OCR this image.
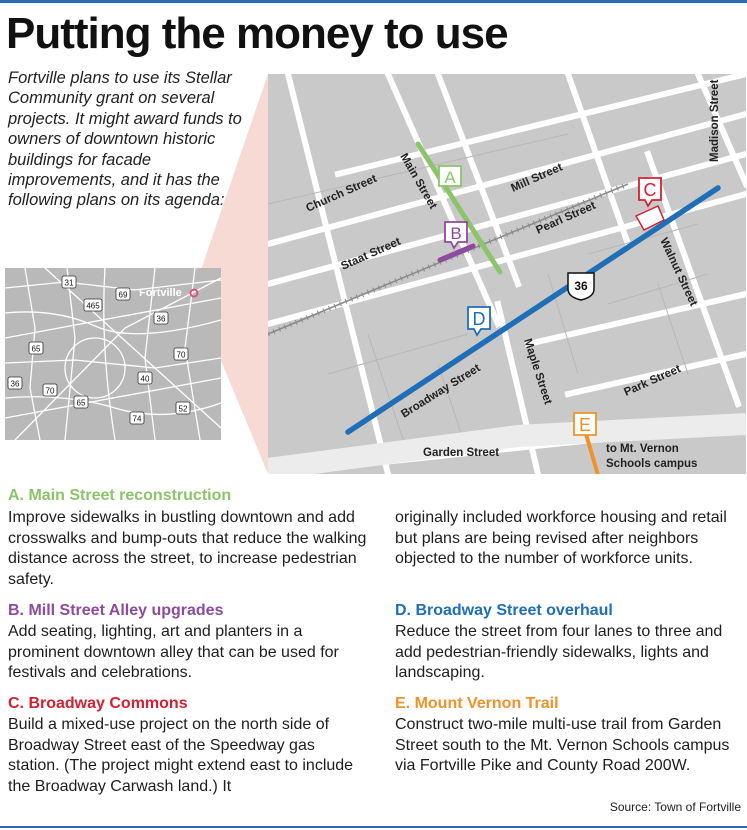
Putting the money to use
Fortville plans to use its Stellar Community grant on several projects. It might award funds to owners of downtown historic buildings for facade improvements, and it has the following plans on its agenda:
31
69
465
36
65
70
40
70
36
65
74
52
Fortville
Church Street Main Street	Mill Street
Madison Street
Staat Street
Pearl Street
Walnut Street
Broadway Street	Maple Street	Park Street
Garden Street	to Mt. Vernon
Schools campus
36
A
B
C
D
E
A. Main Street reconstruction
Improve sidewalks in bustling downtown and add crosswalks and bump-outs that reduce the walking distance across the street, to increase pedestrian safety.
B. Mill Street Alley upgrades
Add seating, lighting, art and planters in a prominent downtown alley that can be used for festivals and celebrations.
C. Broadway Commons
Build a mixed-use project on the north side of Broadway Street east of the Speedway gas station. (The project might extend east to include the Broadway Carwash land.) It
originally included workforce housing and retail but plans are being revised after neighbors objected to the number of workforce units.
D. Broadway Street overhaul
Reduce the street from four lanes to three and add pedestrian-friendly sidewalks, lights and landscaping.
E. Mount Vernon Trail
Construct two-mile multi-use trail from Garden Street south to the Mt. Vernon Schools campus via Fortville Pike and County Road 200W.
Source: Town of Fortville
